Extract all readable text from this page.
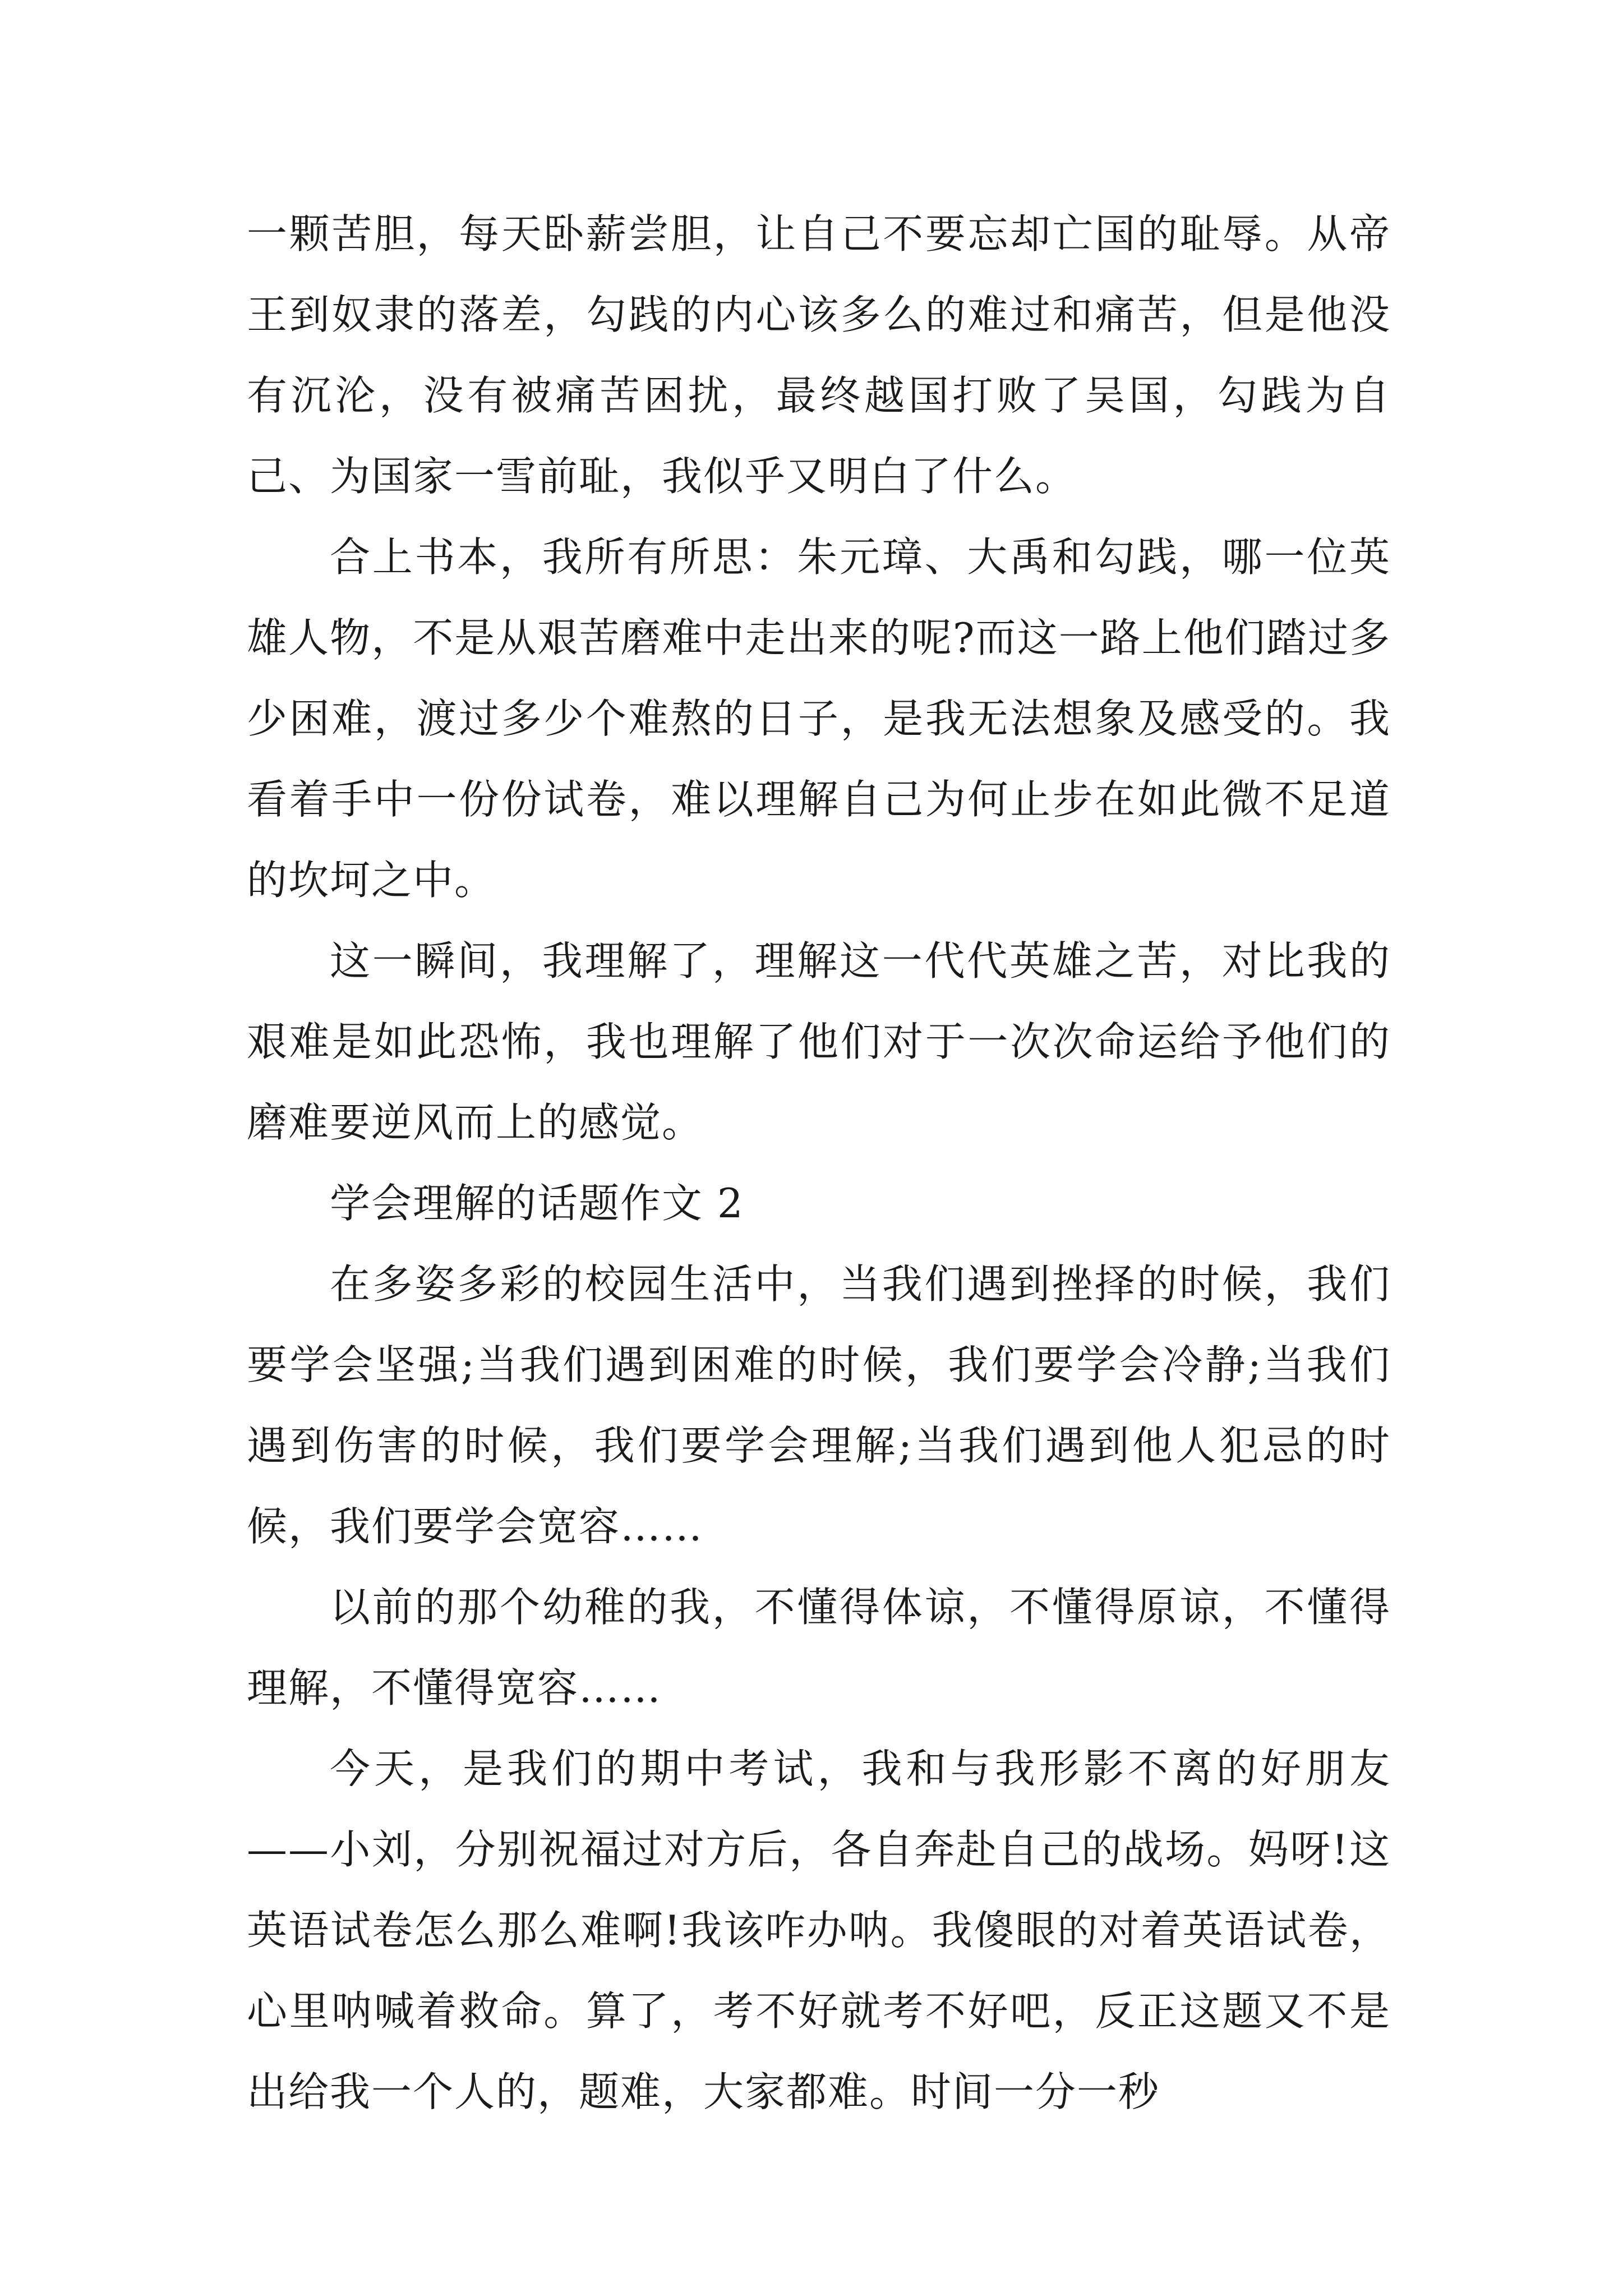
一颗苦胆，每天卧薪尝胆，让自己不要忘却亡国的耻辱。从帝王到奴隶的落差，勾践的内心该多么的难过和痛苦，但是他没有沉沦，没有被痛苦困扰，最终越国打败了吴国，勾践为自己、为国家一雪前耻，我似乎又明白了什么。

合上书本，我所有所思：朱元璋、大禹和勾践，哪一位英雄人物，不是从艰苦磨难中走出来的呢?而这一路上他们踏过多少困难，渡过多少个难熬的日子，是我无法想象及感受的。我看着手中一份份试卷，难以理解自己为何止步在如此微不足道的坎坷之中。

这一瞬间，我理解了，理解这一代代英雄之苦，对比我的艰难是如此恐怖，我也理解了他们对于一次次命运给予他们的磨难要逆风而上的感觉。

学会理解的话题作文 2

在多姿多彩的校园生活中，当我们遇到挫择的时候，我们要学会坚强;当我们遇到困难的时候，我们要学会冷静;当我们遇到伤害的时候，我们要学会理解;当我们遇到他人犯忌的时候，我们要学会宽容……

以前的那个幼稚的我，不懂得体谅，不懂得原谅，不懂得理解，不懂得宽容……

今天，是我们的期中考试，我和与我形影不离的好朋友——小刘，分别祝福过对方后，各自奔赴自己的战场。妈呀!这英语试卷怎么那么难啊!我该咋办呐。我傻眼的对着英语试卷，心里呐喊着救命。算了，考不好就考不好吧，反正这题又不是出给我一个人的，题难，大家都难。时间一分一秒
